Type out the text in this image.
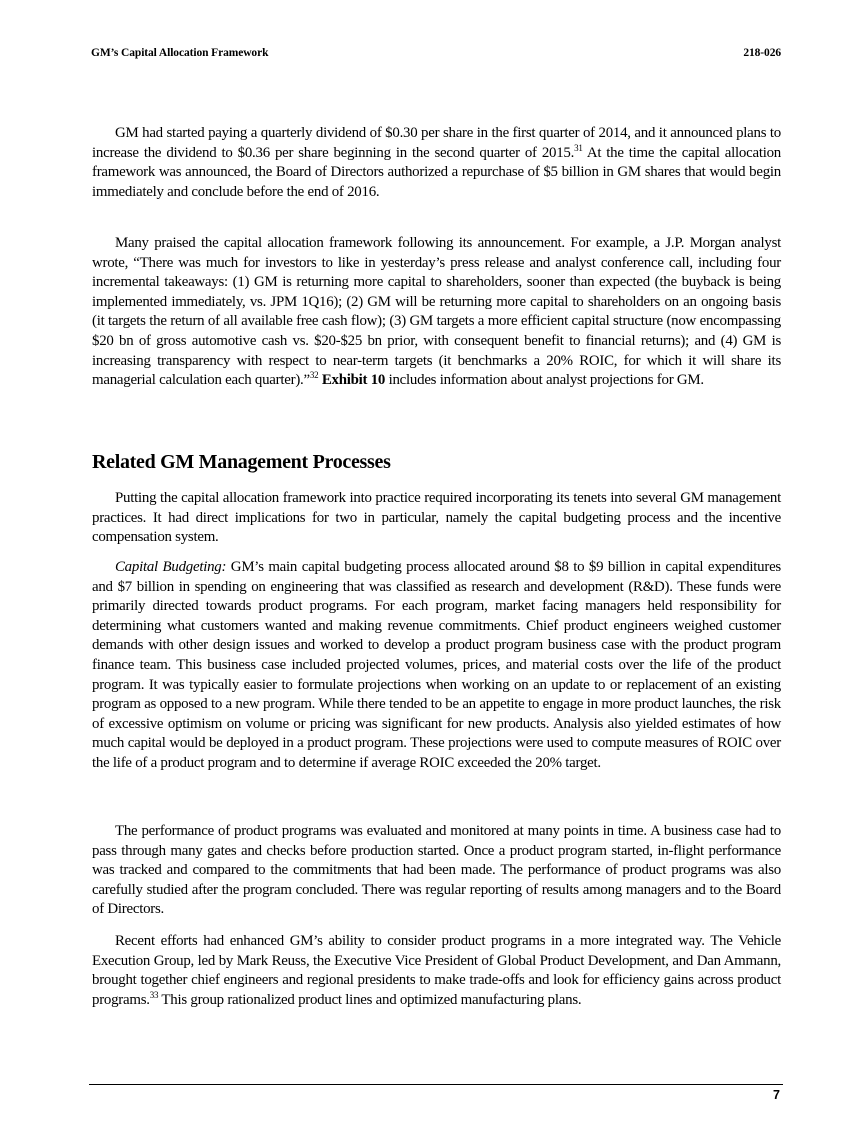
GM’s Capital Allocation Framework	218-026

GM had started paying a quarterly dividend of $0.30 per share in the first quarter of 2014, and it announced plans to increase the dividend to $0.36 per share beginning in the second quarter of 2015.31 At the time the capital allocation framework was announced, the Board of Directors authorized a repurchase of $5 billion in GM shares that would begin immediately and conclude before the end of 2016.

Many praised the capital allocation framework following its announcement. For example, a J.P. Morgan analyst wrote, “There was much for investors to like in yesterday’s press release and analyst conference call, including four incremental takeaways: (1) GM is returning more capital to shareholders, sooner than expected (the buyback is being implemented immediately, vs. JPM 1Q16); (2) GM will be returning more capital to shareholders on an ongoing basis (it targets the return of all available free cash flow); (3) GM targets a more efficient capital structure (now encompassing $20 bn of gross automotive cash vs. $20-$25 bn prior, with consequent benefit to financial returns); and (4) GM is increasing transparency with respect to near-term targets (it benchmarks a 20% ROIC, for which it will share its managerial calculation each quarter).”$^{32}$ Exhibit 10 includes information about analyst projections for GM.

Related GM Management Processes

Putting the capital allocation framework into practice required incorporating its tenets into several GM management practices. It had direct implications for two in particular, namely the capital budgeting process and the incentive compensation system.

Capital Budgeting: GM’s main capital budgeting process allocated around $8 to $9 billion in capital expenditures and $7 billion in spending on engineering that was classified as research and development (R&D). These funds were primarily directed towards product programs. For each program, market facing managers held responsibility for determining what customers wanted and making revenue commitments. Chief product engineers weighed customer demands with other design issues and worked to develop a product program business case with the product program finance team. This business case included projected volumes, prices, and material costs over the life of the product program. It was typically easier to formulate projections when working on an update to or replacement of an existing program as opposed to a new program. While there tended to be an appetite to engage in more product launches, the risk of excessive optimism on volume or pricing was significant for new products. Analysis also yielded estimates of how much capital would be deployed in a product program. These projections were used to compute measures of ROIC over the life of a product program and to determine if average ROIC exceeded the 20% target.

The performance of product programs was evaluated and monitored at many points in time. A business case had to pass through many gates and checks before production started. Once a product program started, in-flight performance was tracked and compared to the commitments that had been made. The performance of product programs was also carefully studied after the program concluded. There was regular reporting of results among managers and to the Board of Directors.

Recent efforts had enhanced GM’s ability to consider product programs in a more integrated way. The Vehicle Execution Group, led by Mark Reuss, the Executive Vice President of Global Product Development, and Dan Ammann, brought together chief engineers and regional presidents to make trade-offs and look for efficiency gains across product programs.$^{33}$ This group rationalized product lines and optimized manufacturing plans.

7
